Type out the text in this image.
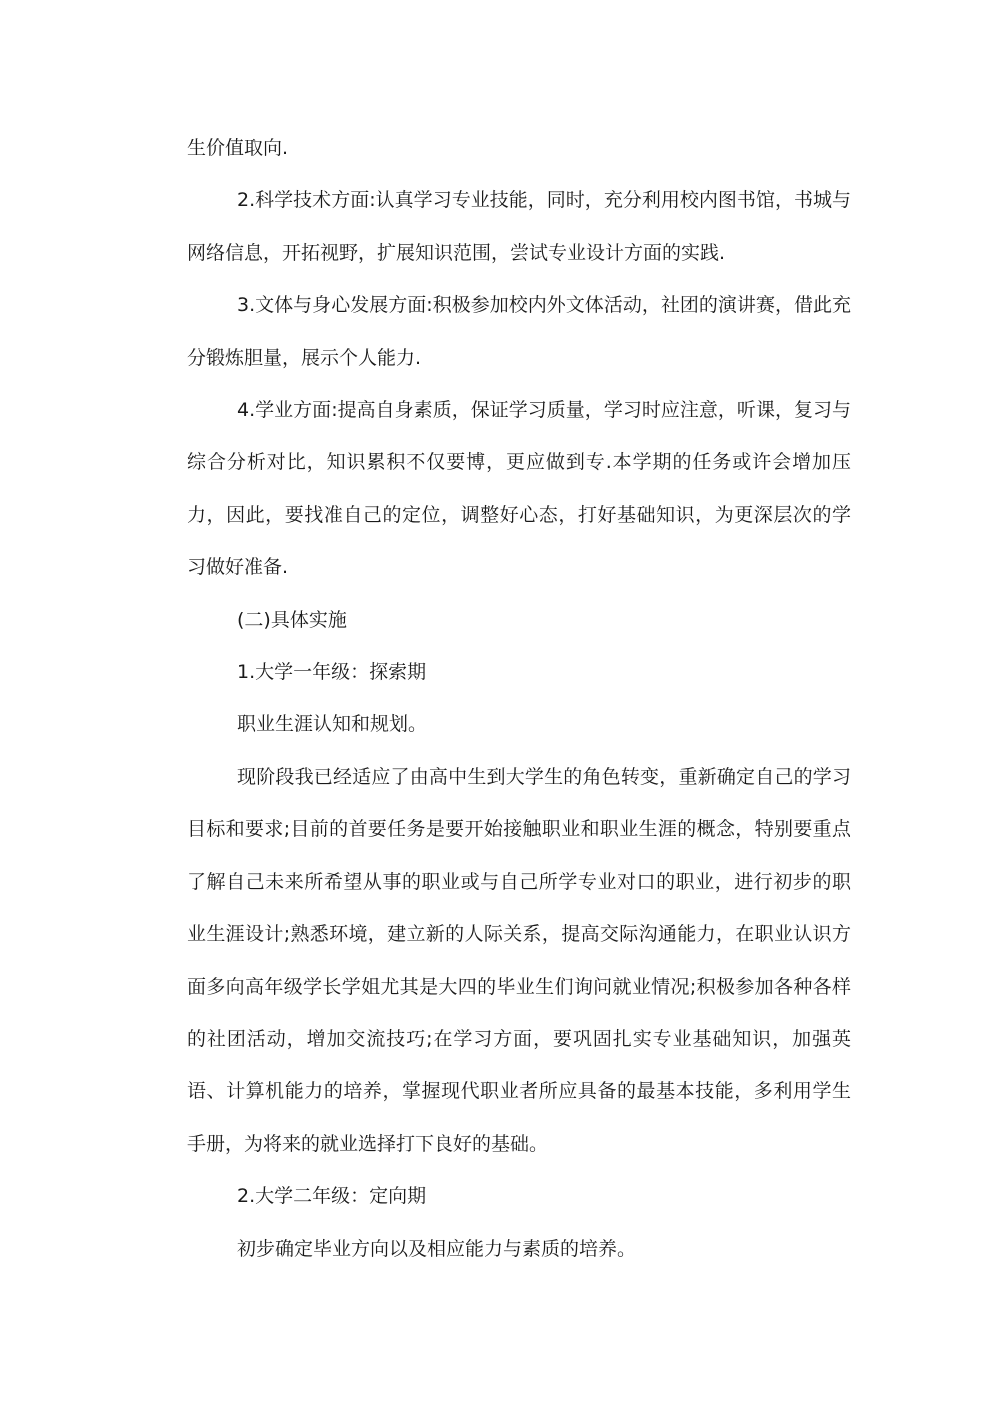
生价值取向.

2.科学技术方面:认真学习专业技能，同时，充分利用校内图书馆，书城与网络信息，开拓视野，扩展知识范围，尝试专业设计方面的实践.

3.文体与身心发展方面:积极参加校内外文体活动，社团的演讲赛，借此充分锻炼胆量，展示个人能力.

4.学业方面:提高自身素质，保证学习质量，学习时应注意，听课，复习与综合分析对比，知识累积不仅要博，更应做到专.本学期的任务或许会增加压力，因此，要找准自己的定位，调整好心态，打好基础知识，为更深层次的学习做好准备.

(二)具体实施

1.大学一年级：探索期

职业生涯认知和规划。

现阶段我已经适应了由高中生到大学生的角色转变，重新确定自己的学习目标和要求;目前的首要任务是要开始接触职业和职业生涯的概念，特别要重点了解自己未来所希望从事的职业或与自己所学专业对口的职业，进行初步的职业生涯设计;熟悉环境，建立新的人际关系，提高交际沟通能力，在职业认识方面多向高年级学长学姐尤其是大四的毕业生们询问就业情况;积极参加各种各样的社团活动，增加交流技巧;在学习方面，要巩固扎实专业基础知识，加强英语、计算机能力的培养，掌握现代职业者所应具备的最基本技能，多利用学生手册，为将来的就业选择打下良好的基础。

2.大学二年级：定向期

初步确定毕业方向以及相应能力与素质的培养。
